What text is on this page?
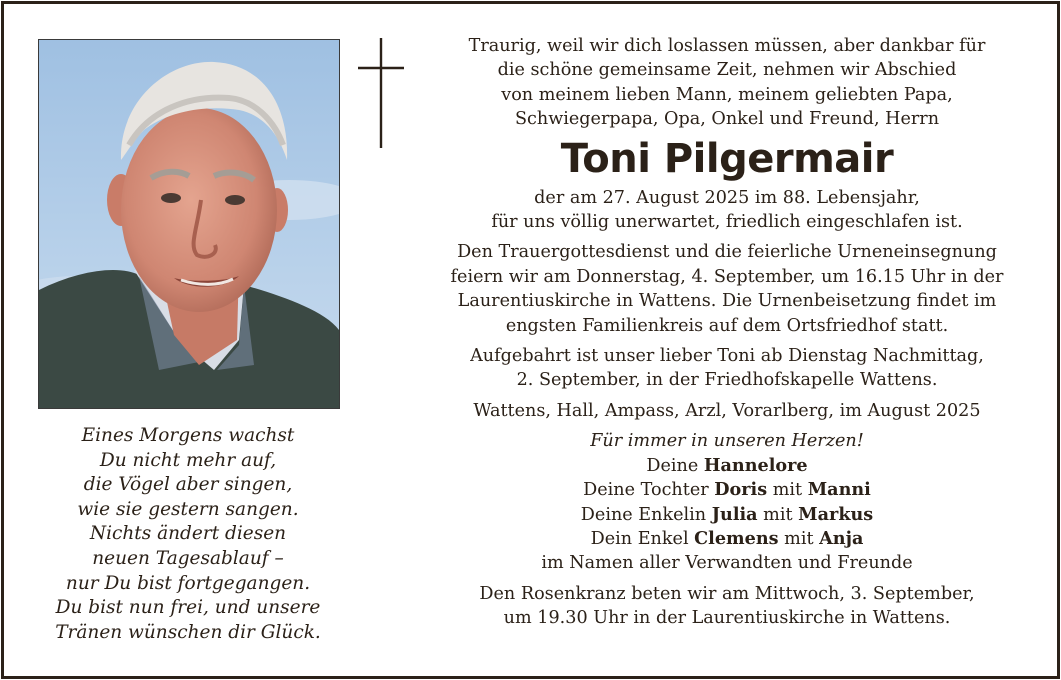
Eines Morgens wachst
Du nicht mehr auf,
die Vögel aber singen,
wie sie gestern sangen.
Nichts ändert diesen
neuen Tagesablauf –
nur Du bist fortgegangen.
Du bist nun frei, und unsere
Tränen wünschen dir Glück.
Traurig, weil wir dich loslassen müssen, aber dankbar für
die schöne gemeinsame Zeit, nehmen wir Abschied
von meinem lieben Mann, meinem geliebten Papa,
Schwiegerpapa, Opa, Onkel und Freund, Herrn
Toni Pilgermair
der am 27. August 2025 im 88. Lebensjahr,
für uns völlig unerwartet, friedlich eingeschlafen ist.
Den Trauergottesdienst und die feierliche Urneneinsegnung
feiern wir am Donnerstag, 4. September, um 16.15 Uhr in der
Laurentiuskirche in Wattens. Die Urnenbeisetzung findet im
engsten Familienkreis auf dem Ortsfriedhof statt.
Aufgebahrt ist unser lieber Toni ab Dienstag Nachmittag,
2. September, in der Friedhofskapelle Wattens.
Wattens, Hall, Ampass, Arzl, Vorarlberg, im August 2025
Für immer in unseren Herzen!
Deine Hannelore
Deine Tochter Doris mit Manni
Deine Enkelin Julia mit Markus
Dein Enkel Clemens mit Anja
im Namen aller Verwandten und Freunde
Den Rosenkranz beten wir am Mittwoch, 3. September,
um 19.30 Uhr in der Laurentiuskirche in Wattens.
